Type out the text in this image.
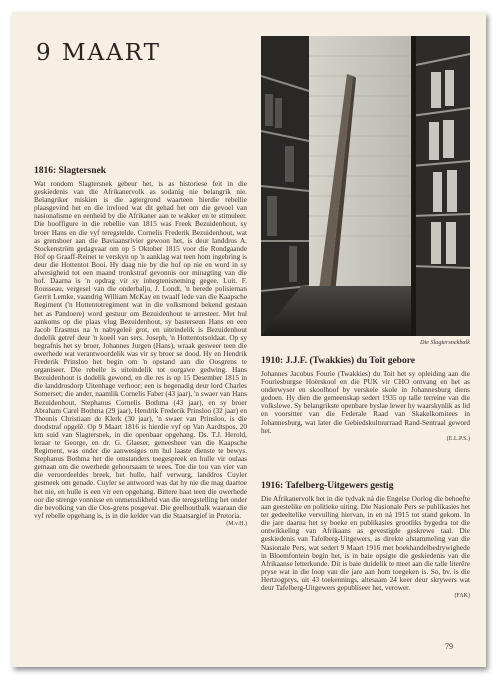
9 MAART
1816: Slagtersnek

Wat rondom Slagtersnek gebeur het, is as historiese feit in die geskiedenis van die Afrikanervolk as sodanig nie belangrik nie. Belangriker miskien is die agtergrond waarteen hierdie rebellie plaasgevind het en die invloed wat dit gehad het om die gevoel van nasionalisme en eenheid by die Afrikaner aan te wakker en te stimuleer. Die hooffigure in die rebellie van 1815 was Freek Bezuidenhout, sy broer Hans en die vyf teregstelde. Cornelis Frederik Bezuidenhout, wat as grensboer aan die Baviaansrivier gewoon het, is deur landdros A. Stockenström gedagvaar om op 5 Oktober 1815 voor die Rondgaande Hof op Graaff-Reinet te verskyn op 'n aanklag wat teen hom ingebring is deur die Hottentot Booi. Hy daag nie by die hof op nie en word in sy afwesigheid tot een maand tronkstraf gevonnis oor minagting van die hof. Daarna is 'n opdrag vir sy inhegtenisneming gegee. Luit. F. Rousseau, vergesel van die onderbalju, J. Londt, 'n berede polisieman Gerrit Lemke, vaandrig William McKay en twaalf lede van die Kaapsche Regiment ('n Hottentotregiment wat in die volksmond bekend gestaan het as Pandoere) word gestuur om Bezuidenhout te arresteer. Met hul aankoms op die plaas vlug Bezuidenhout, sy basterseun Hans en een Jacob Erasmus na 'n nabygeleë grot, en uiteindelik is Bezuidenhout dodelik getref deur 'n koeël van sers. Joseph, 'n Hottentotsoldaat. Op sy begrafnis het sy broer, Johannes Jurgen (Hans), wraak gesweer teen die owerhede wat verantwoordelik was vir sy broer se dood. Hy en Hendrik Frederik Prinsloo het begin om 'n opstand aan die Oosgrens te organiseer. Die rebelle is uiteindelik tot oorgawe gedwing. Hans Bezuidenhout is dodelik gewond, en die res is op 15 Desember 1815 in die landdrosdorp Uitenhage verhoor; een is begenadig deur lord Charles Somerset; die ander, naamlik Cornelis Faber (43 jaar), 'n swaer van Hans Bezuidenhout, Stephanus Cornelis Bothma (43 jaar), en sy broer Abraham Carel Bothma (29 jaar), Hendrik Frederik Prinsloo (32 jaar) en Theunis Christiaan de Klerk (30 jaar), 'n swaer van Prinsloo, is die doodstraf opgelê. Op 9 Maart 1816 is hierdie vyf op Van Aardtspos, 20 km suid van Slagtersnek, in die openbaar opgehang. Ds. T.J. Herold, leraar te George, en dr. G. Glaeser, geneesheer van die Kaapsche Regiment, was onder die aanwesiges om hul laaste dienste te bewys. Stephanus Bothma het die omstanders toegespreek en hulle vir oulaas gemaan om die owerhede gehoorsaam te wees. Toe die tou van vier van die veroordeeldes breek, het hulle, half verwurg, landdros Cuyler gesmeek om genade. Cuyler se antwoord was dat hy nie die mag daartoe het nie, en hulle is een vir een opgehang. Bittere haat teen die owerhede oor die strenge vonnisse en onmenslikheid van die teregstelling het onder die bevolking van die Oos-grens posgevat. Die geelhoutbalk waaraan die vyf rebelle opgehang is, is in die kelder van die Staatsargief in Pretoria.

(M.v.H.)
Die Slagtersnekbalk
1910: J.J.F. (Twakkies) du Toit gebore

Johannes Jacobus Fourie (Twakkies) du Toit het sy opleiding aan die Fouriesburgse Hoërskool en die PUK vir CHO ontvang en het as onderwyser en skoolhoof by verskeie skole in Johannesburg diens gedoen. Hy dien die gemeenskap sedert 1935 op talle terreine van die volkslewe. Sy belangrikste openbare byslae lewer hy waarskynlik as lid en voorsitter van die Federale Raad van Skakelkomitees in Johannesburg, wat later die Gebiedskultuurraad Rand-Sentraal geword het.

(E.L.P.S.)
1916: Tafelberg-Uitgewers gestig

Die Afrikanervolk het in die tydvak ná die Engelse Oorlog die behoefte aan geestelike en politieke uiting. Die Nasionale Pers se publikasies het ter gedeeltelike vervulling hiervan, in en ná 1915 tot stand gekom. In die jare daarna het sy boeke en publikasies grootliks bygedra tot die ontwikkeling van Afrikaans as gevestigde geskrewe taal. Die geskiedenis van Tafelberg-Uitgewers, as direkte afstammeling van die Nasionale Pers, wat sedert 9 Maart 1916 met boekhandelbedrywighede in Bloemfontein begin het, is in baie opsigte die geskiedenis van die Afrikaanse letterkunde. Dit is baie duidelik te meet aan die talle literêre pryse wat in die loop van die jare aan hom toegeken is. So, bv. is die Hertzogprys, uit 43 toekennings, altesaam 24 keer deur skrywers wat deur Tafelberg-Uitgewers gepubliseer het, verower.

(FAK)
79
